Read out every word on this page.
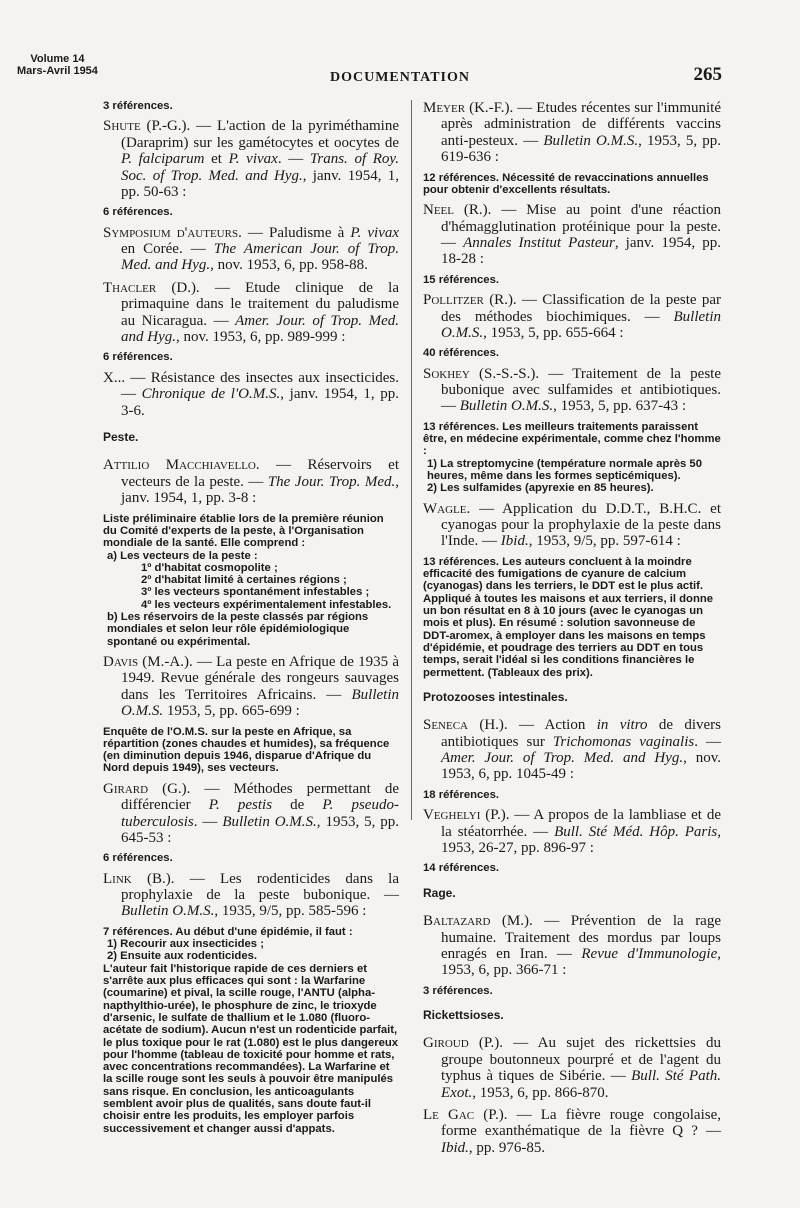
Volume 14
Mars-Avril 1954	DOCUMENTATION	265
3 références.
Shute (P.-G.). — L'action de la pyriméthamine (Daraprim) sur les gamétocytes et oocytes de P. falciparum et P. vivax. — Trans. of Roy. Soc. of Trop. Med. and Hyg., janv. 1954, 1, pp. 50-63 :
6 références.
Symposium d'auteurs. — Paludisme à P. vivax en Corée. — The American Jour. of Trop. Med. and Hyg., nov. 1953, 6, pp. 958-88.
Thacler (D.). — Etude clinique de la primaquine dans le traitement du paludisme au Nicaragua. — Amer. Jour. of Trop. Med. and Hyg., nov. 1953, 6, pp. 989-999 :
6 références.
X... — Résistance des insectes aux insecticides. — Chronique de l'O.M.S., janv. 1954, 1, pp. 3-6.
Peste.
Attilio Macchiavello. — Réservoirs et vecteurs de la peste. — The Jour. Trop. Med., janv. 1954, 1, pp. 3-8 :
Liste préliminaire établie lors de la première réunion du Comité d'experts de la peste, à l'Organisation mondiale de la santé. Elle comprend :
a) Les vecteurs de la peste :
1º d'habitat cosmopolite ;
2º d'habitat limité à certaines régions ;
3º les vecteurs spontanément infestables ;
4º les vecteurs expérimentalement infestables.
b) Les réservoirs de la peste classés par régions mondiales et selon leur rôle épidémiologique spontané ou expérimental.
Davis (M.-A.). — La peste en Afrique de 1935 à 1949. Revue générale des rongeurs sauvages dans les Territoires Africains. — Bulletin O.M.S. 1953, 5, pp. 665-699 :
Enquête de l'O.M.S. sur la peste en Afrique, sa répartition (zones chaudes et humides), sa fréquence (en diminution depuis 1946, disparue d'Afrique du Nord depuis 1949), ses vecteurs.
Girard (G.). — Méthodes permettant de différencier P. pestis de P. pseudo-tuberculosis. — Bulletin O.M.S., 1953, 5, pp. 645-53 :
6 références.
Link (B.). — Les rodenticides dans la prophylaxie de la peste bubonique. — Bulletin O.M.S., 1935, 9/5, pp. 585-596 :
7 références. Au début d'une épidémie, il faut :
1) Recourir aux insecticides ;
2) Ensuite aux rodenticides.
L'auteur fait l'historique rapide de ces derniers et s'arrête aux plus efficaces qui sont : la Warfarine (coumarine) et pival, la scille rouge, l'ANTU (alpha-napthylthio-urée), le phosphure de zinc, le trioxyde d'arsenic, le sulfate de thallium et le 1.080 (fluoro-acétate de sodium). Aucun n'est un rodenticide parfait, le plus toxique pour le rat (1.080) est le plus dangereux pour l'homme (tableau de toxicité pour homme et rats, avec concentrations recommandées). La Warfarine et la scille rouge sont les seuls à pouvoir être manipulés sans risque. En conclusion, les anticoagulants semblent avoir plus de qualités, sans doute faut-il choisir entre les produits, les employer parfois successivement et changer aussi d'appats.
Meyer (K.-F.). — Etudes récentes sur l'immunité après administration de différents vaccins anti-pesteux. — Bulletin O.M.S., 1953, 5, pp. 619-636 :
12 références. Nécessité de revaccinations annuelles pour obtenir d'excellents résultats.
Neel (R.). — Mise au point d'une réaction d'hémagglutination protéinique pour la peste. — Annales Institut Pasteur, janv. 1954, pp. 18-28 :
15 références.
Pollitzer (R.). — Classification de la peste par des méthodes biochimiques. — Bulletin O.M.S., 1953, 5, pp. 655-664 :
40 références.
Sokhey (S.-S.-S.). — Traitement de la peste bubonique avec sulfamides et antibiotiques. — Bulletin O.M.S., 1953, 5, pp. 637-43 :
13 références. Les meilleurs traitements paraissent être, en médecine expérimentale, comme chez l'homme :
1) La streptomycine (température normale après 50 heures, même dans les formes septicémiques).
2) Les sulfamides (apyrexie en 85 heures).
Wagle. — Application du D.D.T., B.H.C. et cyanogas pour la prophylaxie de la peste dans l'Inde. — Ibid., 1953, 9/5, pp. 597-614 :
13 références. Les auteurs concluent à la moindre efficacité des fumigations de cyanure de calcium (cyanogas) dans les terriers, le DDT est le plus actif. Appliqué à toutes les maisons et aux terriers, il donne un bon résultat en 8 à 10 jours (avec le cyanogas un mois et plus). En résumé : solution savonneuse de DDT-aromex, à employer dans les maisons en temps d'épidémie, et poudrage des terriers au DDT en tous temps, serait l'idéal si les conditions financières le permettent. (Tableaux des prix).
Protozooses intestinales.
Seneca (H.). — Action in vitro de divers antibiotiques sur Trichomonas vaginalis. — Amer. Jour. of Trop. Med. and Hyg., nov. 1953, 6, pp. 1045-49 :
18 références.
Veghelyi (P.). — A propos de la lambliase et de la stéatorrhée. — Bull. Sté Méd. Hôp. Paris, 1953, 26-27, pp. 896-97 :
14 références.
Rage.
Baltazard (M.). — Prévention de la rage humaine. Traitement des mordus par loups enragés en Iran. — Revue d'Immunologie, 1953, 6, pp. 366-71 :
3 références.
Rickettsioses.
Giroud (P.). — Au sujet des rickettsies du groupe boutonneux pourpré et de l'agent du typhus à tiques de Sibérie. — Bull. Sté Path. Exot., 1953, 6, pp. 866-870.
Le Gac (P.). — La fièvre rouge congolaise, forme exanthématique de la fièvre Q ? — Ibid., pp. 976-85.
